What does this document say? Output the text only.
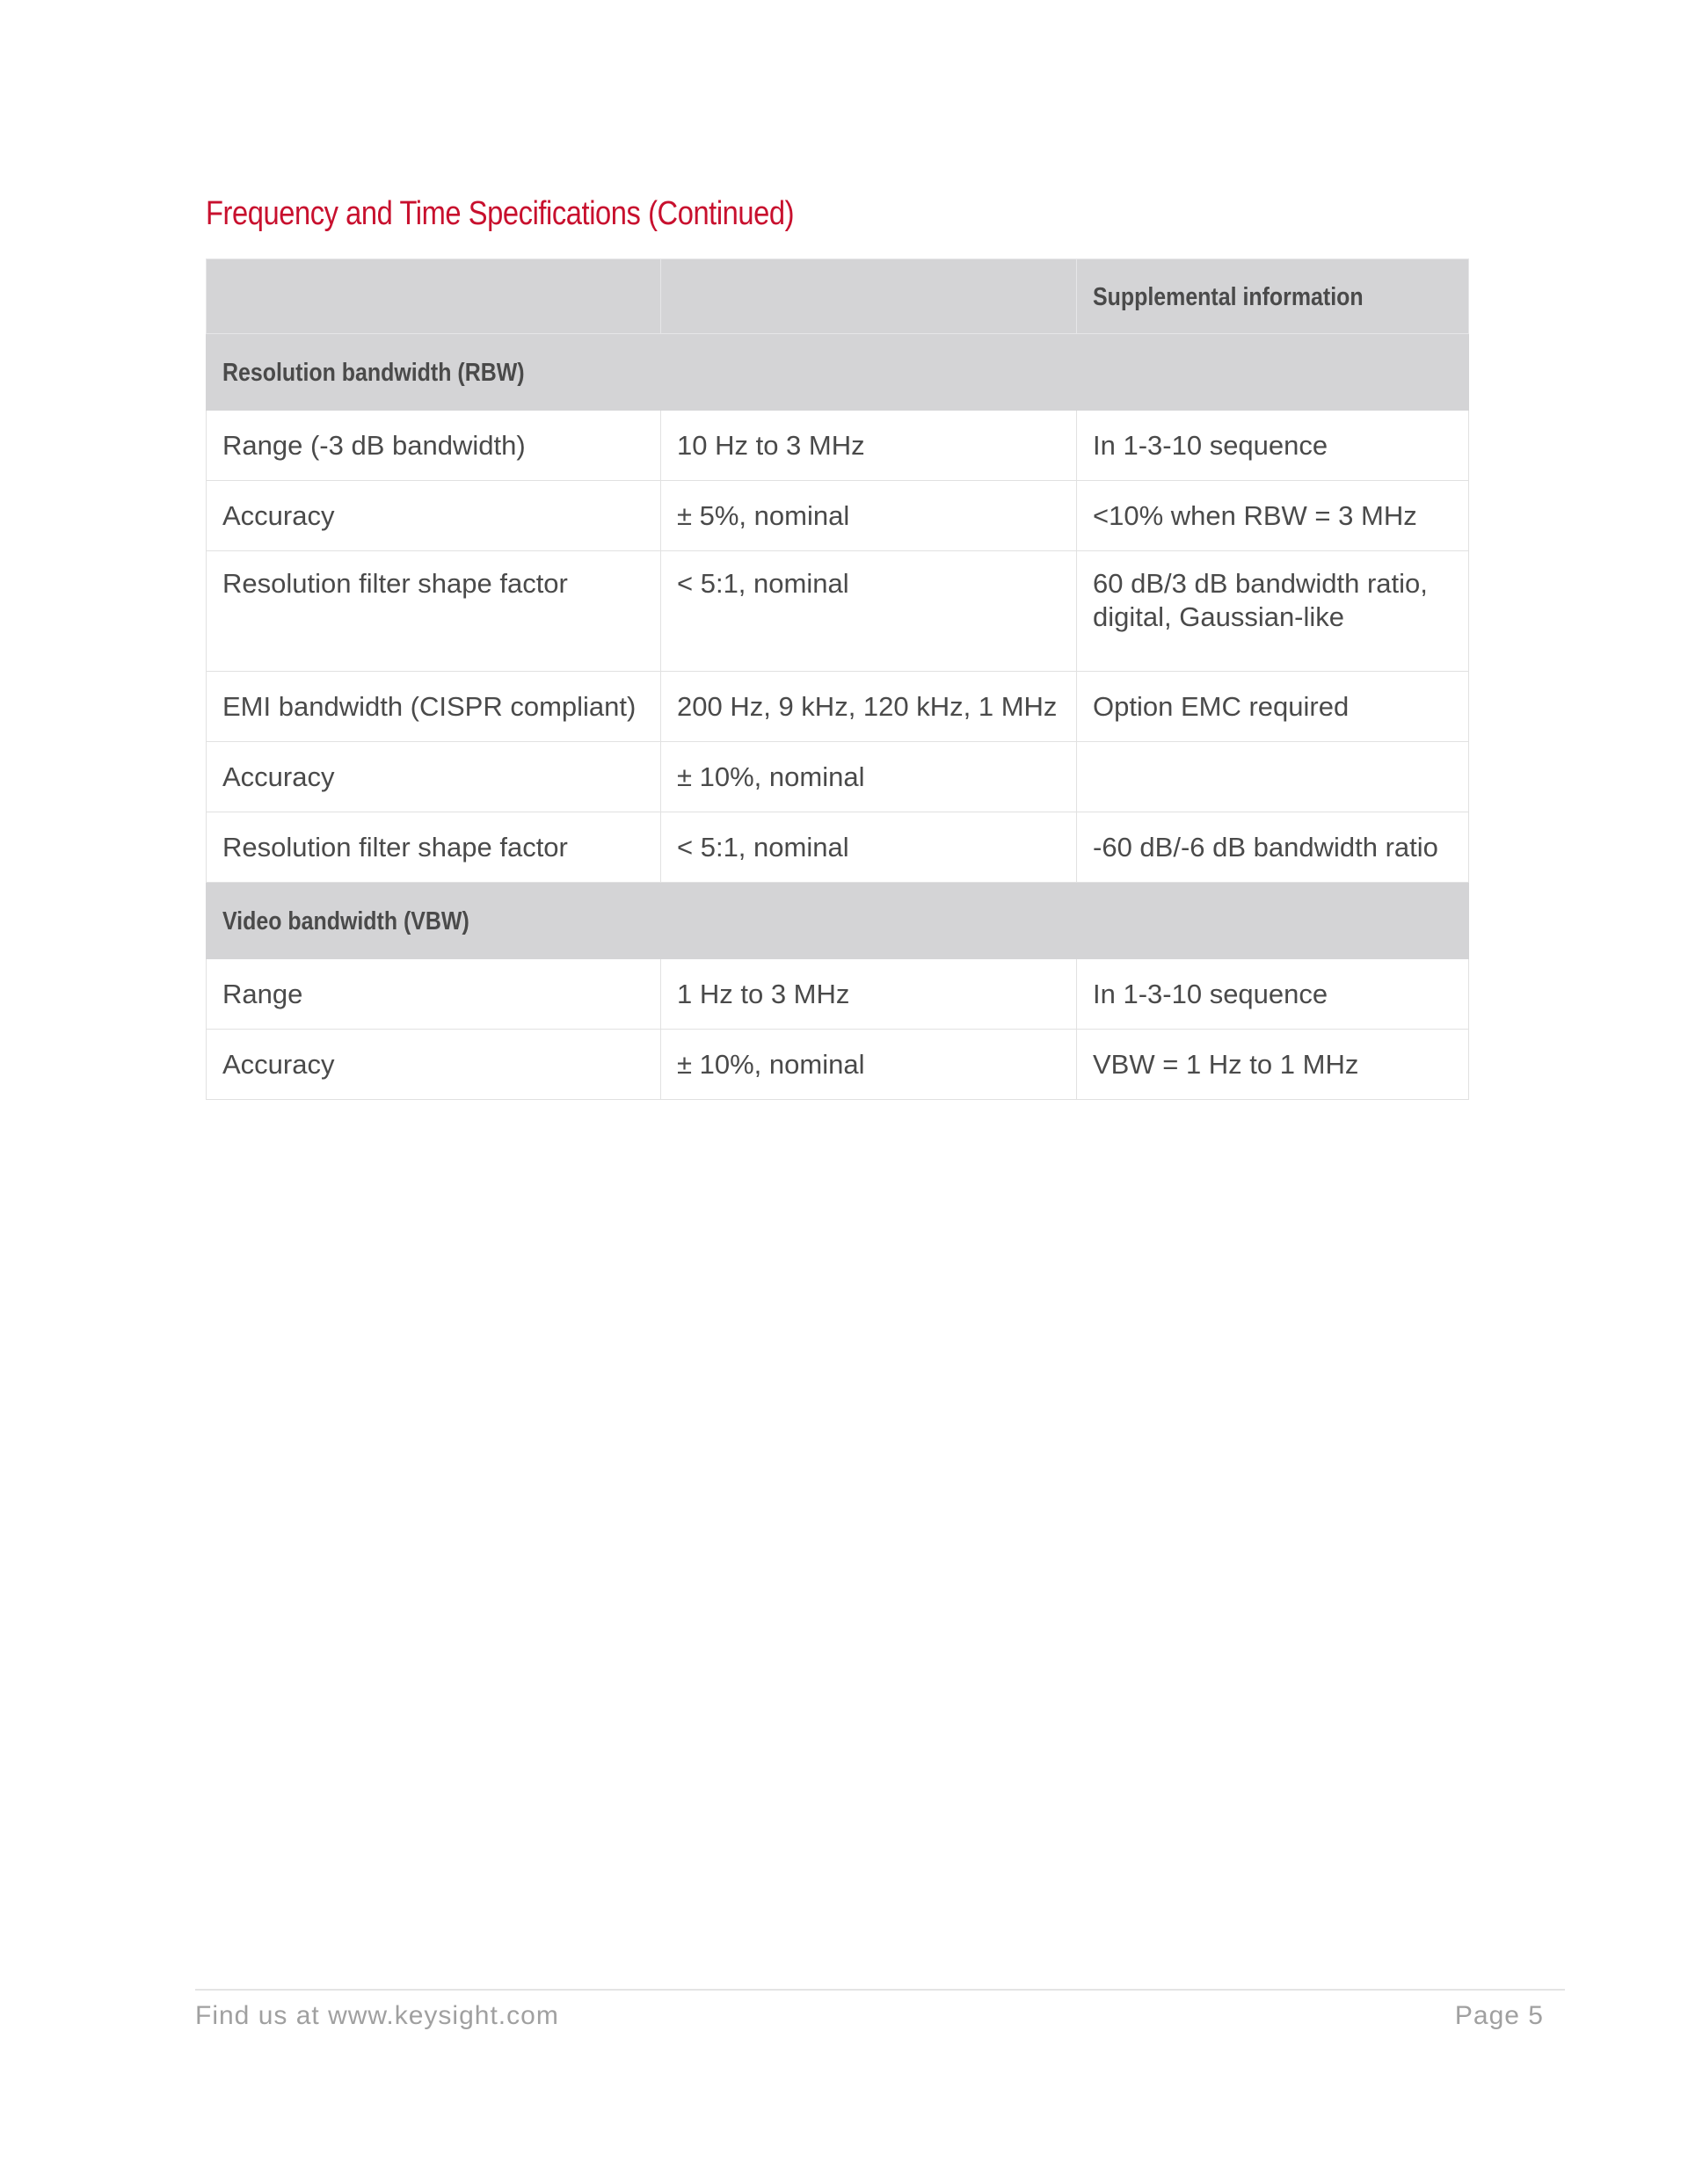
Frequency and Time Specifications (Continued)
		Supplemental information
Resolution bandwidth (RBW)		
Range (-3 dB bandwidth)	10 Hz to 3 MHz	In 1-3-10 sequence
Accuracy	± 5%, nominal	<10% when RBW = 3 MHz
Resolution filter shape factor	< 5:1, nominal	60 dB/3 dB bandwidth ratio, digital, Gaussian-like
EMI bandwidth (CISPR compliant)	200 Hz, 9 kHz, 120 kHz, 1 MHz	Option EMC required
Accuracy	± 10%, nominal	
Resolution filter shape factor	< 5:1, nominal	-60 dB/-6 dB bandwidth ratio
Video bandwidth (VBW)		
Range	1 Hz to 3 MHz	In 1-3-10 sequence
Accuracy	± 10%, nominal	VBW = 1 Hz to 1 MHz
Find us at www.keysight.com	Page 5
